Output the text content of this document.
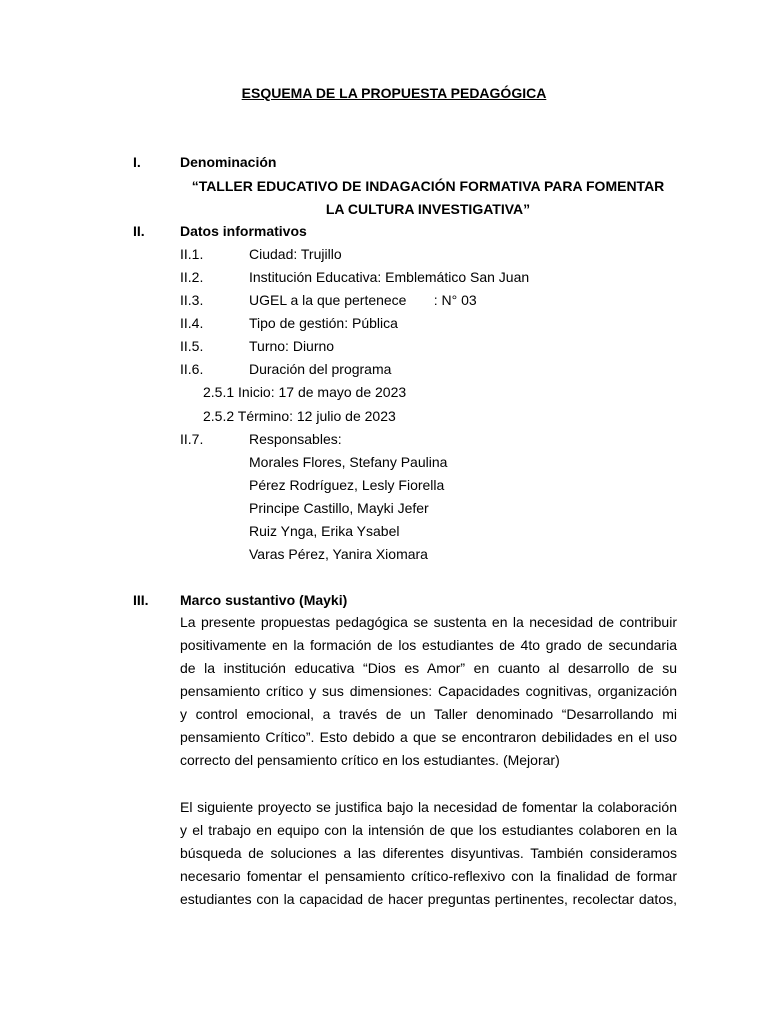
ESQUEMA DE LA PROPUESTA PEDAGÓGICA
I.	Denominación
“TALLER EDUCATIVO DE INDAGACIÓN FORMATIVA PARA FOMENTAR
LA CULTURA INVESTIGATIVA”
II.	Datos informativos
II.1.	Ciudad: Trujillo
II.2.	Institución Educativa: Emblemático San Juan
II.3.	UGEL a la que pertenece       : N° 03
II.4.	Tipo de gestión: Pública
II.5.	Turno: Diurno
II.6.	Duración del programa
2.5.1 Inicio: 17 de mayo de 2023
2.5.2 Término: 12 julio de 2023
II.7.	Responsables:
Morales Flores, Stefany Paulina
Pérez Rodríguez, Lesly Fiorella
Principe Castillo, Mayki Jefer
Ruiz Ynga, Erika Ysabel
Varas Pérez, Yanira Xiomara
III. Marco sustantivo (Mayki)
La presente propuestas pedagógica se sustenta en la necesidad de contribuir
positivamente en la formación de los estudiantes de 4to grado de secundaria
de la institución educativa “Dios es Amor” en cuanto al desarrollo de su
pensamiento crítico y sus dimensiones: Capacidades cognitivas, organización
y control emocional, a través de un Taller denominado “Desarrollando mi
pensamiento Crítico”. Esto debido a que se encontraron debilidades en el uso
correcto del pensamiento crítico en los estudiantes. (Mejorar)
El siguiente proyecto se justifica bajo la necesidad de fomentar la colaboración
y el trabajo en equipo con la intensión de que los estudiantes colaboren en la
búsqueda de soluciones a las diferentes disyuntivas. También consideramos
necesario fomentar el pensamiento crítico-reflexivo con la finalidad de formar
estudiantes con la capacidad de hacer preguntas pertinentes, recolectar datos,
